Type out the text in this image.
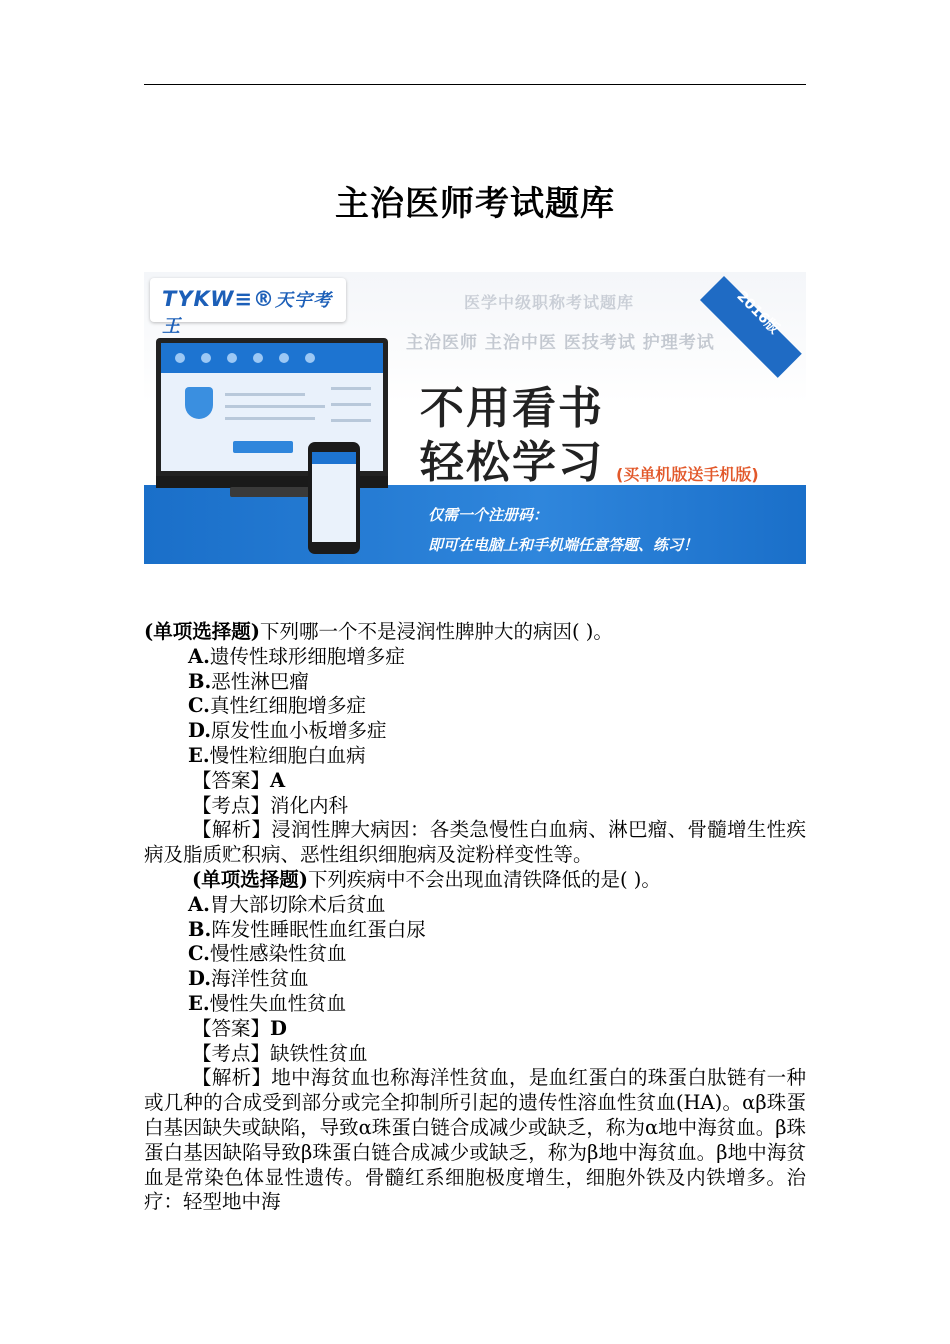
主治医师考试题库
TYKW≡®天宇考王	2016版
医学中级职称考试题库
主治医师 主治中医 医技考试 护理考试
不用看书
轻松学习 (买单机版送手机版)
仅需一个注册码：
即可在电脑上和手机端任意答题、练习！

(单项选择题)下列哪一个不是浸润性脾肿大的病因( )。

A.遗传性球形细胞增多症

B.恶性淋巴瘤

C.真性红细胞增多症

D.原发性血小板增多症

E.慢性粒细胞白血病

【答案】A

【考点】消化内科

【解析】浸润性脾大病因：各类急慢性白血病、淋巴瘤、骨髓增生性疾病及脂质贮积病、恶性组织细胞病及淀粉样变性等。

(单项选择题)下列疾病中不会出现血清铁降低的是( )。

A.胃大部切除术后贫血

B.阵发性睡眠性血红蛋白尿

C.慢性感染性贫血

D.海洋性贫血

E.慢性失血性贫血

【答案】D

【考点】缺铁性贫血

【解析】地中海贫血也称海洋性贫血，是血红蛋白的珠蛋白肽链有一种或几种的合成受到部分或完全抑制所引起的遗传性溶血性贫血(HA)。αβ珠蛋白基因缺失或缺陷，导致α珠蛋白链合成减少或缺乏，称为α地中海贫血。β珠蛋白基因缺陷导致β珠蛋白链合成减少或缺乏，称为β地中海贫血。β地中海贫血是常染色体显性遗传。骨髓红系细胞极度增生，细胞外铁及内铁增多。治疗：轻型地中海
